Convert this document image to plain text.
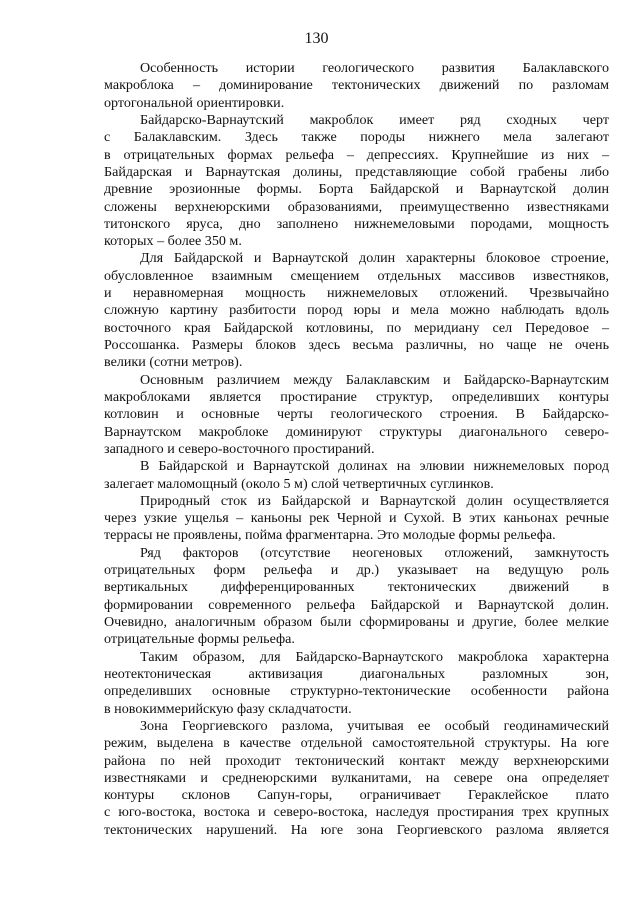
130

Особенность истории геологического развития Балаклавского
макроблока – доминирование тектонических движений по разломам
ортогональной ориентировки.

Байдарско-Варнаутский макроблок имеет ряд сходных черт
с Балаклавским. Здесь также породы нижнего мела залегают
в отрицательных формах рельефа – депрессиях. Крупнейшие из них –
Байдарская и Варнаутская долины, представляющие собой грабены либо
древние эрозионные формы. Борта Байдарской и Варнаутской долин
сложены верхнеюрскими образованиями, преимущественно известняками
титонского яруса, дно заполнено нижнемеловыми породами, мощность
которых – более 350 м.

Для Байдарской и Варнаутской долин характерны блоковое строение,
обусловленное взаимным смещением отдельных массивов известняков,
и неравномерная мощность нижнемеловых отложений. Чрезвычайно
сложную картину разбитости пород юры и мела можно наблюдать вдоль
восточного края Байдарской котловины, по меридиану сел Передовое –
Россошанка. Размеры блоков здесь весьма различны, но чаще не очень
велики (сотни метров).

Основным различием между Балаклавским и Байдарско-Варнаутским
макроблоками является простирание структур, определивших контуры
котловин и основные черты геологического строения. В Байдарско-
Варнаутском макроблоке доминируют структуры диагонального северо-
западного и северо-восточного простираний.

В Байдарской и Варнаутской долинах на элювии нижнемеловых пород
залегает маломощный (около 5 м) слой четвертичных суглинков.

Природный сток из Байдарской и Варнаутской долин осуществляется
через узкие ущелья – каньоны рек Черной и Сухой. В этих каньонах речные
террасы не проявлены, пойма фрагментарна. Это молодые формы рельефа.

Ряд факторов (отсутствие неогеновых отложений, замкнутость
отрицательных форм рельефа и др.) указывает на ведущую роль
вертикальных дифференцированных тектонических движений в
формировании современного рельефа Байдарской и Варнаутской долин.
Очевидно, аналогичным образом были сформированы и другие, более мелкие
отрицательные формы рельефа.

Таким образом, для Байдарско-Варнаутского макроблока характерна
неотектоническая активизация диагональных разломных зон,
определивших основные структурно-тектонические особенности района
в новокиммерийскую фазу складчатости.

Зона Георгиевского разлома, учитывая ее особый геодинамический
режим, выделена в качестве отдельной самостоятельной структуры. На юге
района по ней проходит тектонический контакт между верхнеюрскими
известняками и среднеюрскими вулканитами, на севере она определяет
контуры склонов Сапун-горы, ограничивает Гераклейское плато
с юго-востока, востока и северо-востока, наследуя простирания трех крупных
тектонических нарушений. На юге зона Георгиевского разлома является
